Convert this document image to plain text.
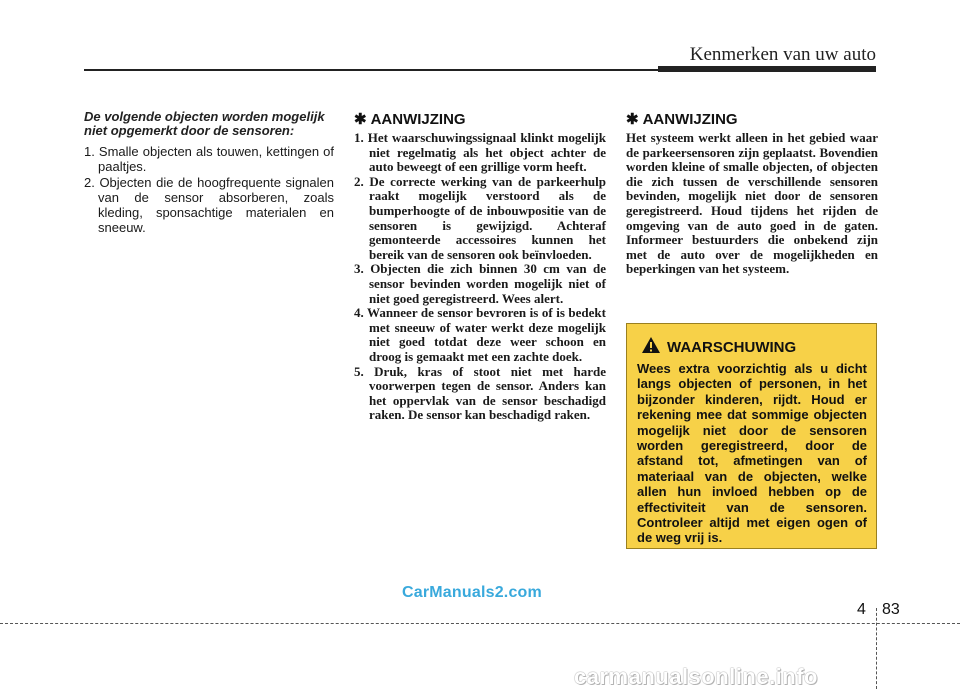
Kenmerken van uw auto

De volgende objecten worden mogelijk niet opgemerkt door de sensoren:

1. Smalle objecten als touwen, kettingen of paaltjes.
2. Objecten die de hoogfrequente signalen van de sensor absorberen, zoals kleding, sponsachtige materialen en sneeuw.
✱ AANWIJZING
1. Het waarschuwingssignaal klinkt mogelijk niet regelmatig als het object achter de auto beweegt of een grillige vorm heeft.
2. De correcte werking van de parkeerhulp raakt mogelijk verstoord als de bumperhoogte of de inbouwpositie van de sensoren is gewijzigd. Achteraf gemonteerde accessoires kunnen het bereik van de sensoren ook beïnvloeden.
3. Objecten die zich binnen 30 cm van de sensor bevinden worden mogelijk niet of niet goed geregistreerd. Wees alert.
4. Wanneer de sensor bevroren is of is bedekt met sneeuw of water werkt deze mogelijk niet goed totdat deze weer schoon en droog is gemaakt met een zachte doek.
5. Druk, kras of stoot niet met harde voorwerpen tegen de sensor. Anders kan het oppervlak van de sensor beschadigd raken. De sensor kan beschadigd raken.
✱ AANWIJZING

Het systeem werkt alleen in het gebied waar de parkeersensoren zijn geplaatst. Bovendien worden kleine of smalle objecten, of objecten die zich tussen de verschillende sensoren bevinden, mogelijk niet door de sensoren geregistreerd. Houd tijdens het rijden de omgeving van de auto goed in de gaten. Informeer bestuurders die onbekend zijn met de auto over de mogelijkheden en beperkingen van het systeem.

WAARSCHUWING

Wees extra voorzichtig als u dicht langs objecten of personen, in het bijzonder kinderen, rijdt. Houd er rekening mee dat sommige objecten mogelijk niet door de sensoren worden geregistreerd, door de afstand tot, afmetingen van of materiaal van de objecten, welke allen hun invloed hebben op de effectiviteit van de sensoren. Controleer altijd met eigen ogen of de weg vrij is.

CarManuals2.com
4 83
carmanualsonline.info
